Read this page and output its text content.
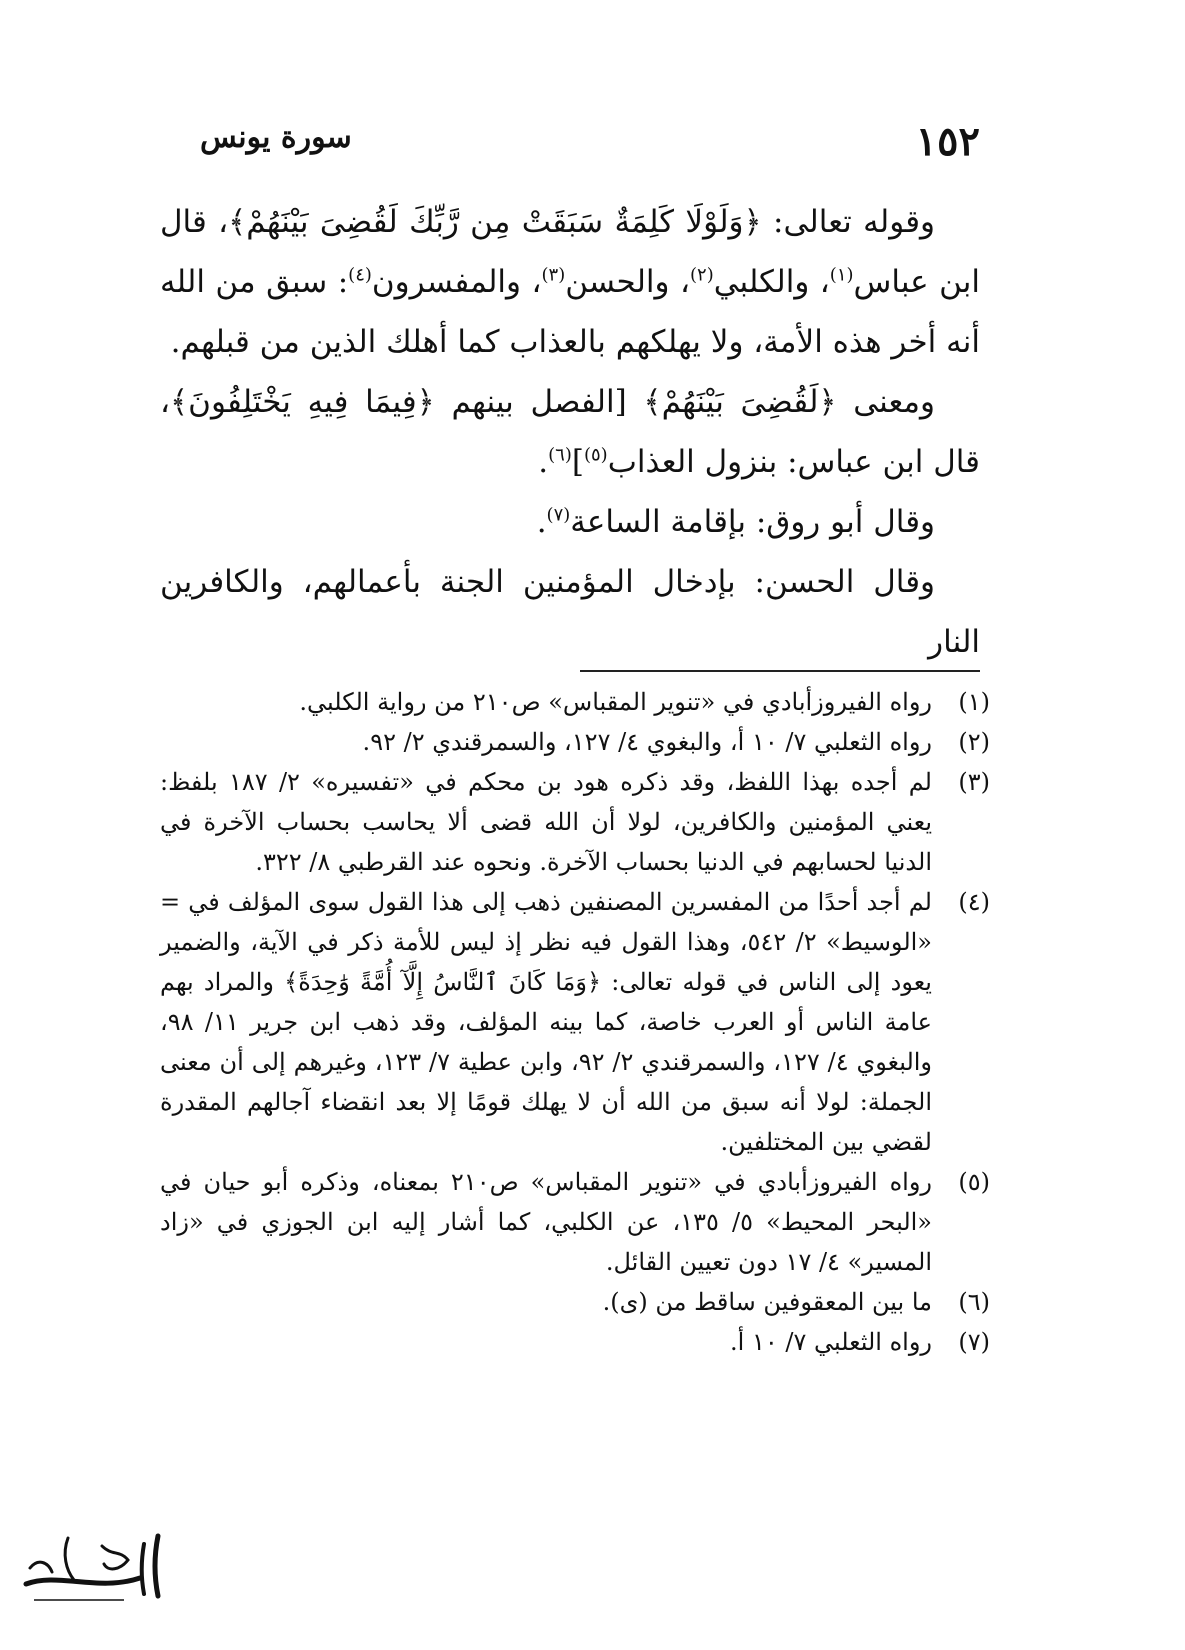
١٥٢
سورة يونس

وقوله تعالى: ﴿وَلَوْلَا كَلِمَةٌ سَبَقَتْ مِن رَّبِّكَ لَقُضِىَ بَيْنَهُمْ﴾، قال ابن عباس$^{(١)}$، والكلبي$^{(٢)}$، والحسن$^{(٣)}$، والمفسرون$^{(٤)}$: سبق من الله أنه أخر هذه الأمة، ولا يهلكهم بالعذاب كما أهلك الذين من قبلهم.

ومعنى ﴿لَقُضِىَ بَيْنَهُمْ﴾ [الفصل بينهم ﴿فِيمَا فِيهِ يَخْتَلِفُونَ﴾، قال ابن عباس: بنزول العذاب$^{(٥)}$]$^{(٦)}$.

وقال أبو روق: بإقامة الساعة$^{(٧)}$.

وقال الحسن: بإدخال المؤمنين الجنة بأعمالهم، والكافرين النار

(١)
رواه الفيروزأبادي في «تنوير المقباس» ص٢١٠ من رواية الكلبي.
(٢)
رواه الثعلبي ٧/ ١٠ أ، والبغوي ٤/ ١٢٧، والسمرقندي ٢/ ٩٢.
(٣)
لم أجده بهذا اللفظ، وقد ذكره هود بن محكم في «تفسيره» ٢/ ١٨٧ بلفظ: يعني المؤمنين والكافرين، لولا أن الله قضى ألا يحاسب بحساب الآخرة في الدنيا لحسابهم في الدنيا بحساب الآخرة. ونحوه عند القرطبي ٨/ ٣٢٢.
(٤)
لم أجد أحدًا من المفسرين المصنفين ذهب إلى هذا القول سوى المؤلف في = «الوسيط» ٢/ ٥٤٢، وهذا القول فيه نظر إذ ليس للأمة ذكر في الآية، والضمير يعود إلى الناس في قوله تعالى: ﴿وَمَا كَانَ ٱلنَّاسُ إِلَّآ أُمَّةً وَٰحِدَةً﴾ والمراد بهم عامة الناس أو العرب خاصة، كما بينه المؤلف، وقد ذهب ابن جرير ١١/ ٩٨، والبغوي ٤/ ١٢٧، والسمرقندي ٢/ ٩٢، وابن عطية ٧/ ١٢٣، وغيرهم إلى أن معنى الجملة: لولا أنه سبق من الله أن لا يهلك قومًا إلا بعد انقضاء آجالهم المقدرة لقضي بين المختلفين.
(٥)
رواه الفيروزأبادي في «تنوير المقباس» ص٢١٠ بمعناه، وذكره أبو حيان في «البحر المحيط» ٥/ ١٣٥، عن الكلبي، كما أشار إليه ابن الجوزي في «زاد المسير» ٤/ ١٧ دون تعيين القائل.
(٦)
ما بين المعقوفين ساقط من (ى).
(٧)
رواه الثعلبي ٧/ ١٠ أ.
